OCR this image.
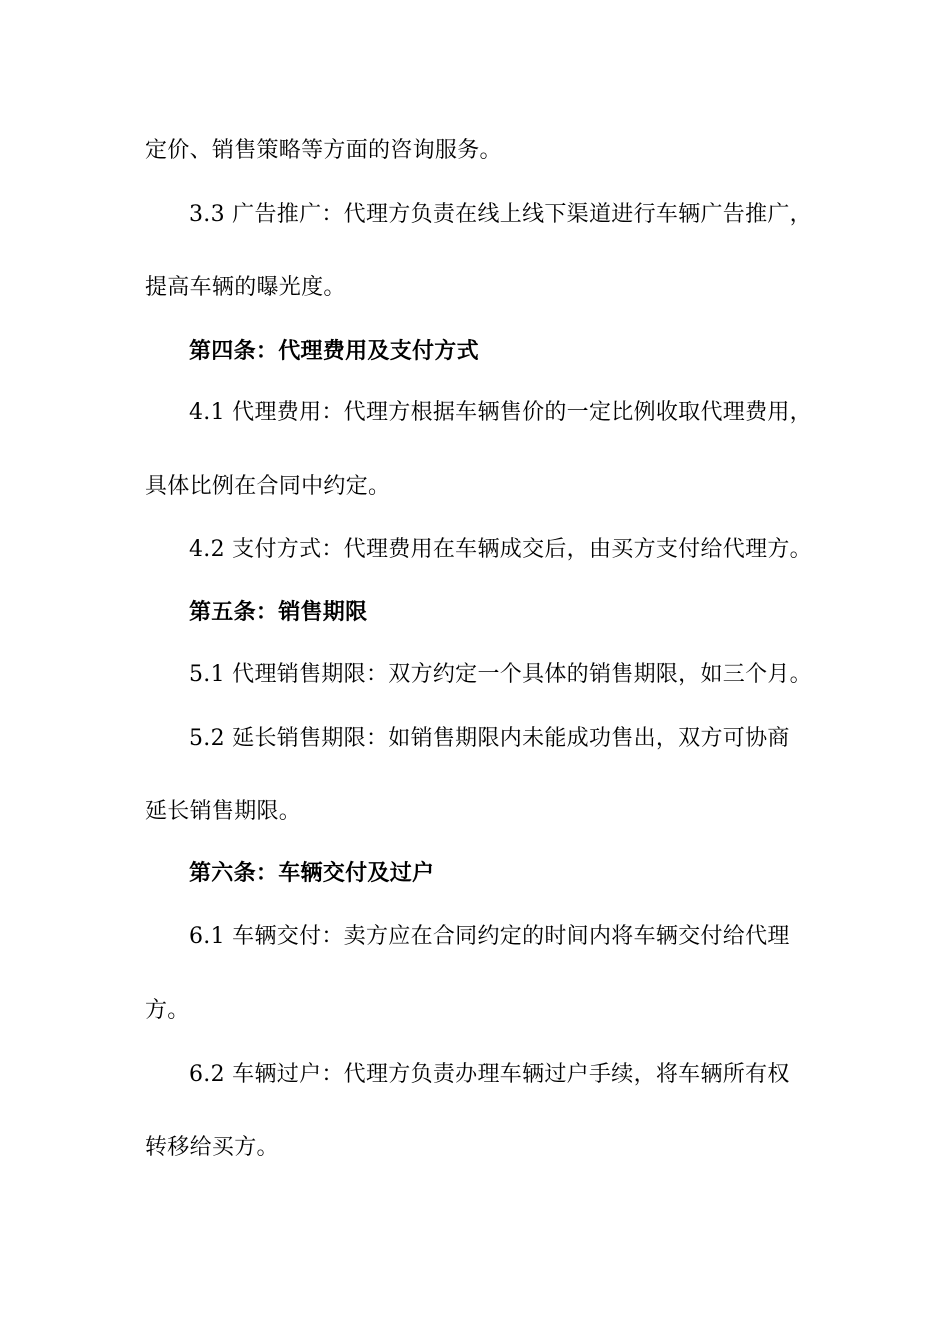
定价、销售策略等方面的咨询服务。
3.3 广告推广：代理方负责在线上线下渠道进行车辆广告推广，
提高车辆的曝光度。
第四条：代理费用及支付方式
4.1 代理费用：代理方根据车辆售价的一定比例收取代理费用，
具体比例在合同中约定。
4.2 支付方式：代理费用在车辆成交后，由买方支付给代理方。
第五条：销售期限
5.1 代理销售期限：双方约定一个具体的销售期限，如三个月。
5.2 延长销售期限：如销售期限内未能成功售出，双方可协商
延长销售期限。
第六条：车辆交付及过户
6.1 车辆交付：卖方应在合同约定的时间内将车辆交付给代理
方。
6.2 车辆过户：代理方负责办理车辆过户手续，将车辆所有权
转移给买方。
